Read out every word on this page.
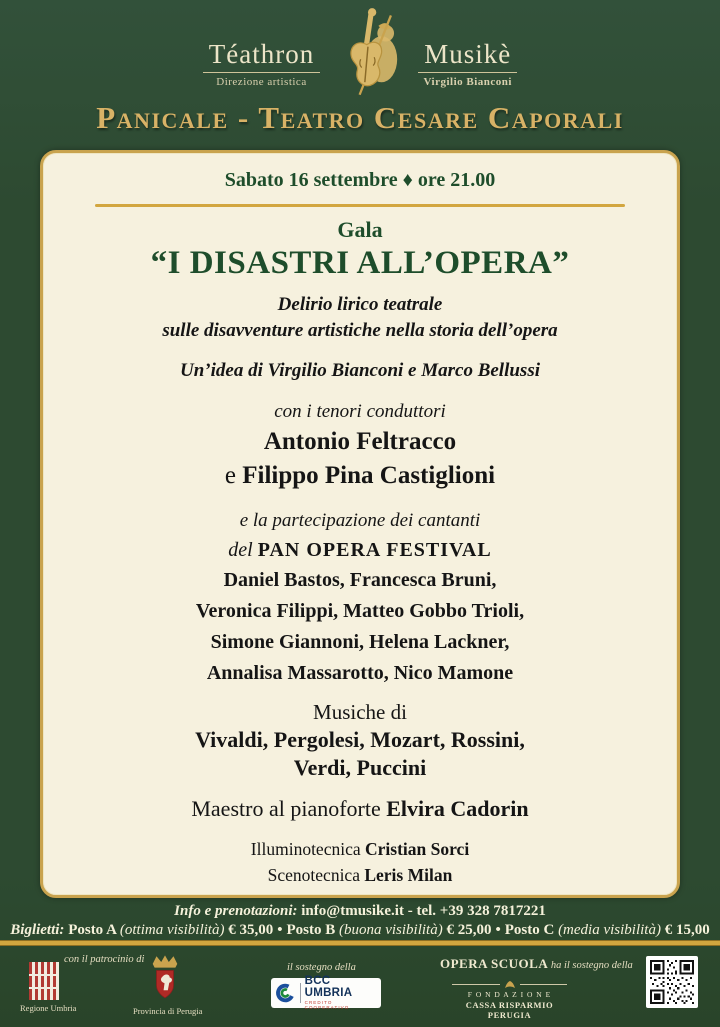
Téathron
Direzione artistica
Musikè
Virgilio Bianconi
Panicale - Teatro Cesare Caporali
Sabato 16 settembre ♦ ore 21.00
Gala
“I DISASTRI ALL’OPERA”
Delirio lirico teatrale
sulle disavventure artistiche nella storia dell’opera
Un’idea di Virgilio Bianconi e Marco Bellussi
con i tenori conduttori
Antonio Feltracco
e Filippo Pina Castiglioni
e la partecipazione dei cantanti
del PAN OPERA FESTIVAL
Daniel Bastos, Francesca Bruni,
Veronica Filippi, Matteo Gobbo Trioli,
Simone Giannoni, Helena Lackner,
Annalisa Massarotto, Nico Mamone
Musiche di
Vivaldi, Pergolesi, Mozart, Rossini,
Verdi, Puccini
Maestro al pianoforte Elvira Cadorin
Illuminotecnica Cristian Sorci
Scenotecnica Leris Milan
Info e prenotazioni: info@tmusike.it - tel. +39 328 7817221
Biglietti: Posto A (ottima visibilità) € 35,00 • Posto B (buona visibilità) € 25,00 • Posto C (media visibilità) € 15,00
con il patrocinio di
Regione Umbria	Provincia di Perugia
il sostegno della
BCC UMBRIA
CREDITO COOPERATIVO
OPERA SCUOLA ha il sostegno della
F O N D A Z I O N E
CASSA RISPARMIO PERUGIA
